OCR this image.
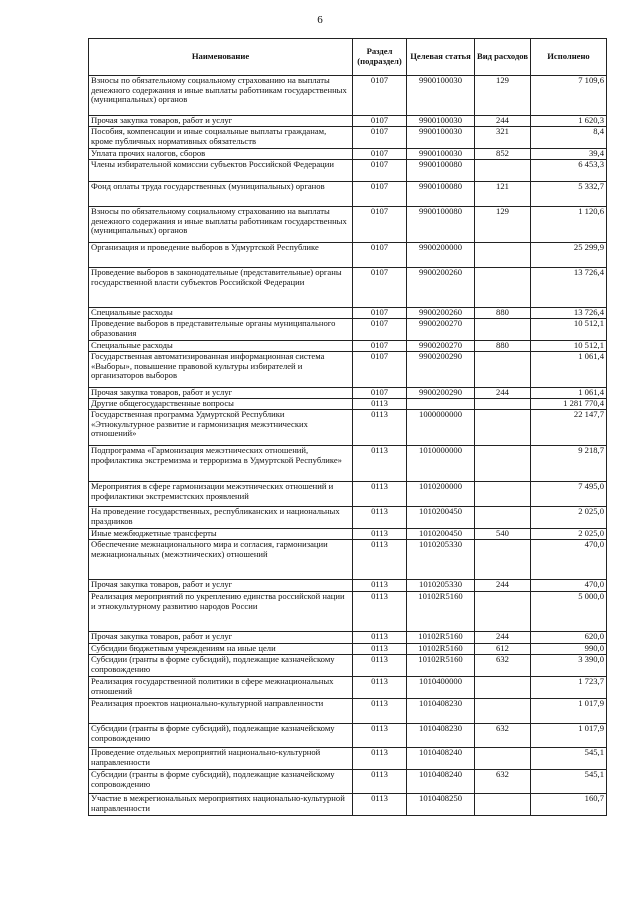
6
Наименование	Раздел (подраздел)	Целевая статья	Вид расходов	Исполнено
Взносы по обязательному социальному страхованию на выплаты денежного содержания и иные выплаты работникам государственных (муниципальных) органов	0107	9900100030	129	7 109,6
Прочая закупка товаров, работ и услуг	0107	9900100030	244	1 620,3
Пособия, компенсации и иные социальные выплаты гражданам, кроме публичных нормативных обязательств	0107	9900100030	321	8,4
Уплата прочих налогов, сборов	0107	9900100030	852	39,4
Члены избирательной комиссии субъектов Российской Федерации	0107	9900100080		6 453,3
Фонд оплаты труда государственных (муниципальных) органов	0107	9900100080	121	5 332,7
Взносы по обязательному социальному страхованию на выплаты денежного содержания и иные выплаты работникам государственных (муниципальных) органов	0107	9900100080	129	1 120,6
Организация и проведение выборов в Удмуртской Республике	0107	9900200000		25 299,9
Проведение выборов в законодательные (представительные) органы государственной власти субъектов Российской Федерации	0107	9900200260		13 726,4
Специальные расходы	0107	9900200260	880	13 726,4
Проведение выборов в представительные органы муниципального образования	0107	9900200270		10 512,1
Специальные расходы	0107	9900200270	880	10 512,1
Государственная автоматизированная информационная система «Выборы», повышение правовой культуры избирателей и организаторов выборов	0107	9900200290		1 061,4
Прочая закупка товаров, работ и услуг	0107	9900200290	244	1 061,4
Другие общегосударственные вопросы	0113			1 281 770,4
Государственная программа Удмуртской Республики «Этнокультурное развитие и гармонизация межэтнических отношений»	0113	1000000000		22 147,7
Подпрограмма «Гармонизация межэтнических отношений, профилактика экстремизма и терроризма в Удмуртской Республике»	0113	1010000000		9 218,7
Мероприятия в сфере гармонизации межэтнических отношений и профилактики экстремистских проявлений	0113	1010200000		7 495,0
На проведение государственных, республиканских и национальных праздников	0113	1010200450		2 025,0
Иные межбюджетные трансферты	0113	1010200450	540	2 025,0
Обеспечение межнационального мира и согласия, гармонизации межнациональных (межэтнических) отношений	0113	1010205330		470,0
Прочая закупка товаров, работ и услуг	0113	1010205330	244	470,0
Реализация мероприятий по укреплению единства российской нации и этнокультурному развитию народов России	0113	10102R5160		5 000,0
Прочая закупка товаров, работ и услуг	0113	10102R5160	244	620,0
Субсидии бюджетным учреждениям на иные цели	0113	10102R5160	612	990,0
Субсидии (гранты в форме субсидий), подлежащие казначейскому сопровождению	0113	10102R5160	632	3 390,0
Реализация государственной политики в сфере межнациональных отношений	0113	1010400000		1 723,7
Реализация проектов национально-культурной направленности	0113	1010408230		1 017,9
Субсидии (гранты в форме субсидий), подлежащие казначейскому сопровождению	0113	1010408230	632	1 017,9
Проведение отдельных мероприятий национально-культурной направленности	0113	1010408240		545,1
Субсидии (гранты в форме субсидий), подлежащие казначейскому сопровождению	0113	1010408240	632	545,1
Участие в межрегиональных мероприятиях национально-культурной направленности	0113	1010408250		160,7
